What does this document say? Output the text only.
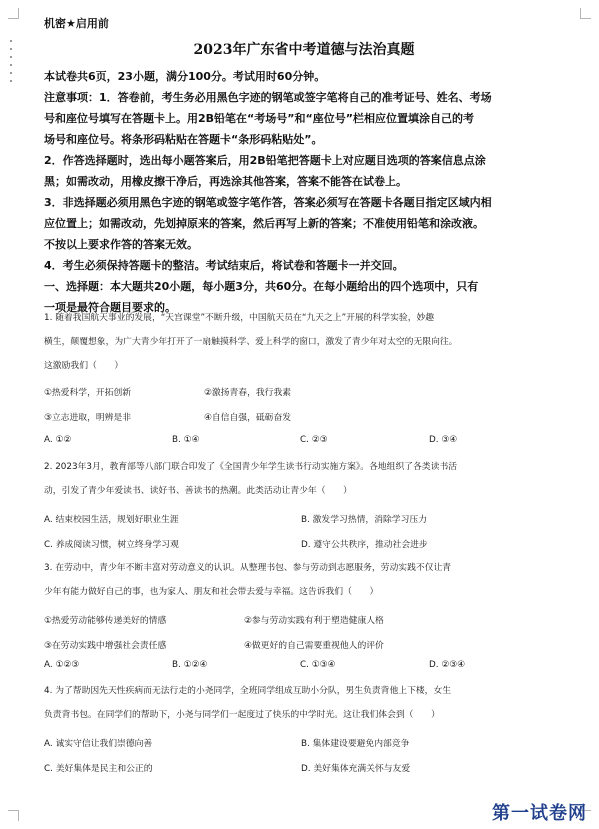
机密★启用前
2023年广东省中考道德与法治真题

本试卷共6页，23小题，满分100分。考试用时60分钟。

注意事项：1．答卷前，考生务必用黑色字迹的钢笔或签字笔将自己的准考证号、姓名、考场

号和座位号填写在答题卡上。用2B铅笔在“考场号”和“座位号”栏相应位置填涂自己的考

场号和座位号。将条形码粘贴在答题卡“条形码粘贴处”。

2．作答选择题时，选出每小题答案后，用2B铅笔把答题卡上对应题目选项的答案信息点涂

黑；如需改动，用橡皮擦干净后，再选涂其他答案，答案不能答在试卷上。

3．非选择题必须用黑色字迹的钢笔或签字笔作答，答案必须写在答题卡各题目指定区域内相

应位置上；如需改动，先划掉原来的答案，然后再写上新的答案；不准使用铅笔和涂改液。

不按以上要求作答的答案无效。

4．考生必须保持答题卡的整洁。考试结束后，将试卷和答题卡一并交回。

一、选择题：本大题共20小题，每小题3分，共60分。在每小题给出的四个选项中，只有

一项是最符合题目要求的。

1. 随着我国航天事业的发展，“天宫课堂”不断升级，中国航天员在“九天之上”开展的科学实验，妙趣

横生，颠覆想象，为广大青少年打开了一扇触摸科学、爱上科学的窗口，激发了青少年对太空的无限向往。

这激励我们（　　）

①热爱科学，开拓创新	②激扬青春，我行我素
③立志进取，明辨是非	④自信自强，砥砺奋发
A. ①②	B. ①④	C. ②③	D. ③④

2. 2023年3月，教育部等八部门联合印发了《全国青少年学生读书行动实施方案》。各地组织了各类读书活

动，引发了青少年爱读书、读好书、善读书的热潮。此类活动让青少年（　　）

A. 结束校园生活，规划好职业生涯	B. 激发学习热情，消除学习压力
C. 养成阅读习惯，树立终身学习观	D. 遵守公共秩序，推动社会进步

3. 在劳动中，青少年不断丰富对劳动意义的认识。从整理书包、参与劳动到志愿服务，劳动实践不仅让青

少年有能力做好自己的事，也为家人、朋友和社会带去爱与幸福。这告诉我们（　　）

①热爱劳动能够传递美好的情感	②参与劳动实践有利于塑造健康人格
③在劳动实践中增强社会责任感	④做更好的自己需要重视他人的评价
A. ①②③	B. ①②④	C. ①③④	D. ②③④

4. 为了帮助因先天性疾病而无法行走的小尧同学，全班同学组成互助小分队，男生负责背他上下楼，女生

负责背书包。在同学们的帮助下，小尧与同学们一起度过了快乐的中学时光。这让我们体会到（　　）

A. 诚实守信让我们崇德向善	B. 集体建设要避免内部竞争
C. 美好集体是民主和公正的	D. 美好集体充满关怀与友爱
第一试卷网
